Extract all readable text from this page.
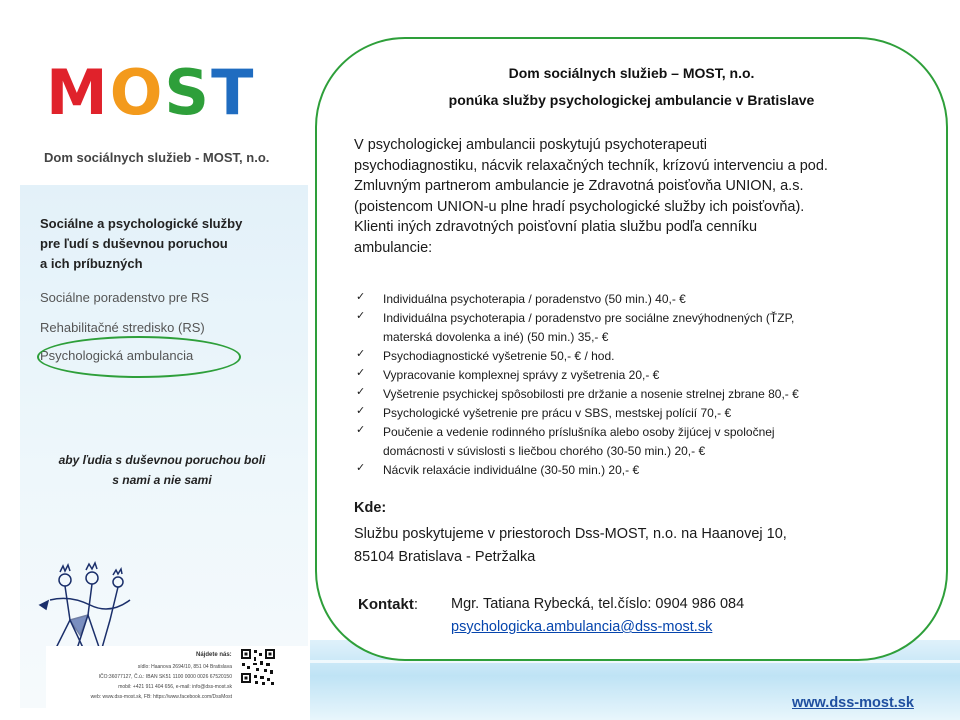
MOST
Dom sociálnych služieb - MOST, n.o.
Sociálne a psychologické služby
pre ľudí s duševnou poruchou
a ich príbuzných
Sociálne poradenstvo pre RS
Rehabilitačné stredisko (RS)
Psychologická ambulancia
aby ľudia s duševnou poruchou boli
s nami a nie sami
Nájdete nás:
sídlo: Haanova 2694/10, 851 04 Bratislava
IČO:36077127, Č.ú.: IBAN SK51 1100 0000 0026 67520150
mobil: +421 911 404 656, e-mail: info@dss-most.sk
web: www.dss-most.sk, FB: https://www.facebook.com/DssMost
Dom sociálnych služieb – MOST, n.o.
ponúka služby psychologickej ambulancie v Bratislave
V psychologickej ambulancii poskytujú psychoterapeuti
psychodiagnostiku, nácvik relaxačných techník, krízovú intervenciu a pod.
Zmluvným partnerom ambulancie je Zdravotná poisťovňa UNION, a.s.
(poistencom UNION-u plne hradí psychologické služby ich poisťovňa).
Klienti iných zdravotných poisťovní platia službu podľa cenníku
ambulancie:
✓ Individuálna psychoterapia / poradenstvo (50 min.) 40,- €
✓ Individuálna psychoterapia / poradenstvo pre sociálne znevýhodnených (ŤZP,
materská dovolenka a iné) (50 min.) 35,- €
✓ Psychodiagnostické vyšetrenie 50,- € / hod.
✓ Vypracovanie komplexnej správy z vyšetrenia 20,- €
✓ Vyšetrenie psychickej spôsobilosti pre držanie a nosenie strelnej zbrane 80,- €
✓ Psychologické vyšetrenie pre prácu v SBS, mestskej polícií 70,- €
✓ Poučenie a vedenie rodinného príslušníka alebo osoby žijúcej v spoločnej
domácnosti v súvislosti s liečbou chorého (30-50 min.) 20,- €
✓ Nácvik relaxácie individuálne (30-50 min.) 20,- €
Kde:
Službu poskytujeme v priestoroch Dss-MOST, n.o. na Haanovej 10,
85104 Bratislava - Petržalka
Kontakt: Mgr. Tatiana Rybecká, tel.číslo: 0904 986 084
psychologicka.ambulancia@dss-most.sk
www.dss-most.sk
